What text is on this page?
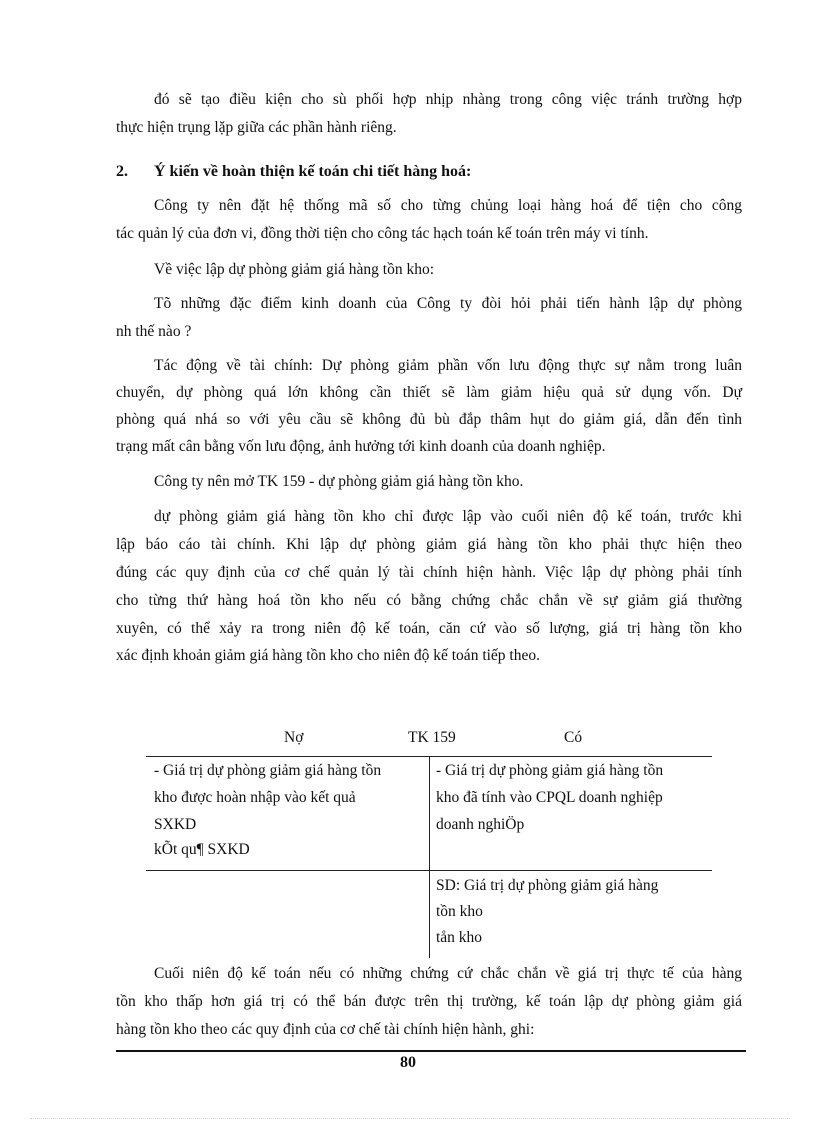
đó sẽ tạo điều kiện cho sù phối hợp nhịp nhàng trong công việc tránh trường hợp
thực hiện trụng lặp giữa các phần hành riêng.
2. Ý kiến về hoàn thiện kế toán chi tiết hàng hoá:
Công ty nên đặt hệ thống mã số cho từng chủng loại hàng hoá để tiện cho công
tác quản lý của đơn vi, đồng thời tiện cho công tác hạch toán kế toán trên máy vi tính.
Về việc lập dự phòng giảm giá hàng tồn kho:
Tõ những đặc điểm kinh doanh của Công ty đòi hỏi phải tiến hành lập dự phòng
nh thế nào ?
Tác động về tài chính: Dự phòng giảm phần vốn lưu động thực sự nằm trong luân
chuyển, dự phòng quá lớn không cần thiết sẽ làm giảm hiệu quả sử dụng vốn. Dự
phòng quá nhá so với yêu cầu sẽ không đủ bù đắp thâm hụt do giảm giá, dẫn đến tình
trạng mất cân bằng vốn lưu động, ảnh hưởng tới kinh doanh của doanh nghiệp.
Công ty nên mở TK 159 - dự phòng giảm giá hàng tồn kho.
dự phòng giảm giá hàng tồn kho chỉ được lập vào cuối niên độ kế toán, trước khi
lập báo cáo tài chính. Khi lập dự phòng giảm giá hàng tồn kho phải thực hiện theo
đúng các quy định của cơ chế quản lý tài chính hiện hành. Việc lập dự phòng phải tính
cho từng thứ hàng hoá tồn kho nếu có bằng chứng chắc chắn về sự giảm giá thường
xuyên, có thể xảy ra trong niên độ kế toán, căn cứ vào số lượng, giá trị hàng tồn kho
xác định khoản giảm giá hàng tồn kho cho niên độ kế toán tiếp theo.
Nợ	TK 159	Có
- Giá trị dự phòng giảm giá hàng tồn
kho được hoàn nhập vào kết quả
SXKD
kÕt qu¶ SXKD
- Giá trị dự phòng giảm giá hàng tồn
kho đã tính vào CPQL doanh nghiệp
doanh nghiÖp
SD: Giá trị dự phòng giảm giá hàng
tồn kho
tån kho
Cuối niên độ kế toán nếu có những chứng cứ chắc chắn về giá trị thực tế của hàng
tồn kho thấp hơn giá trị có thể bán được trên thị trường, kế toán lập dự phòng giảm giá
hàng tồn kho theo các quy định của cơ chế tài chính hiện hành, ghi:
80
